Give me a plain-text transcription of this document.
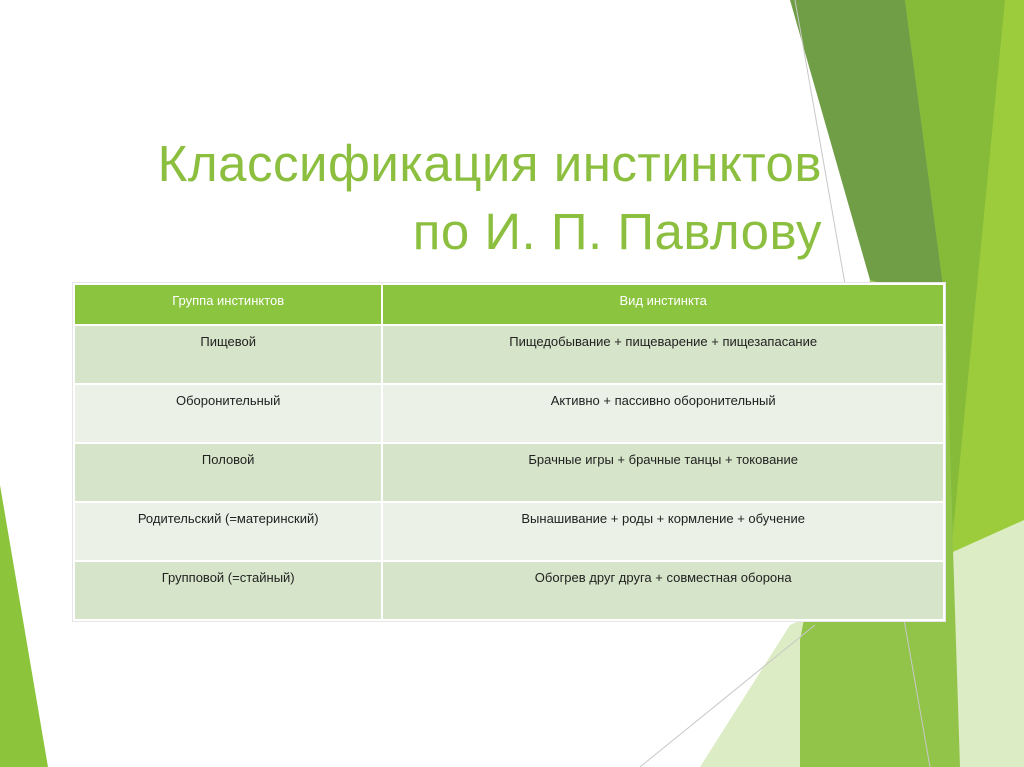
Классификация инстинктов
по И. П. Павлову
Группа инстинктов	Вид инстинкта
Пищевой	Пищедобывание + пищеварение + пищезапасание
Оборонительный	Активно + пассивно оборонительный
Половой	Брачные игры + брачные танцы + токование
Родительский (=материнский)	Вынашивание + роды + кормление + обучение
Групповой (=стайный)	Обогрев друг друга + совместная оборона
